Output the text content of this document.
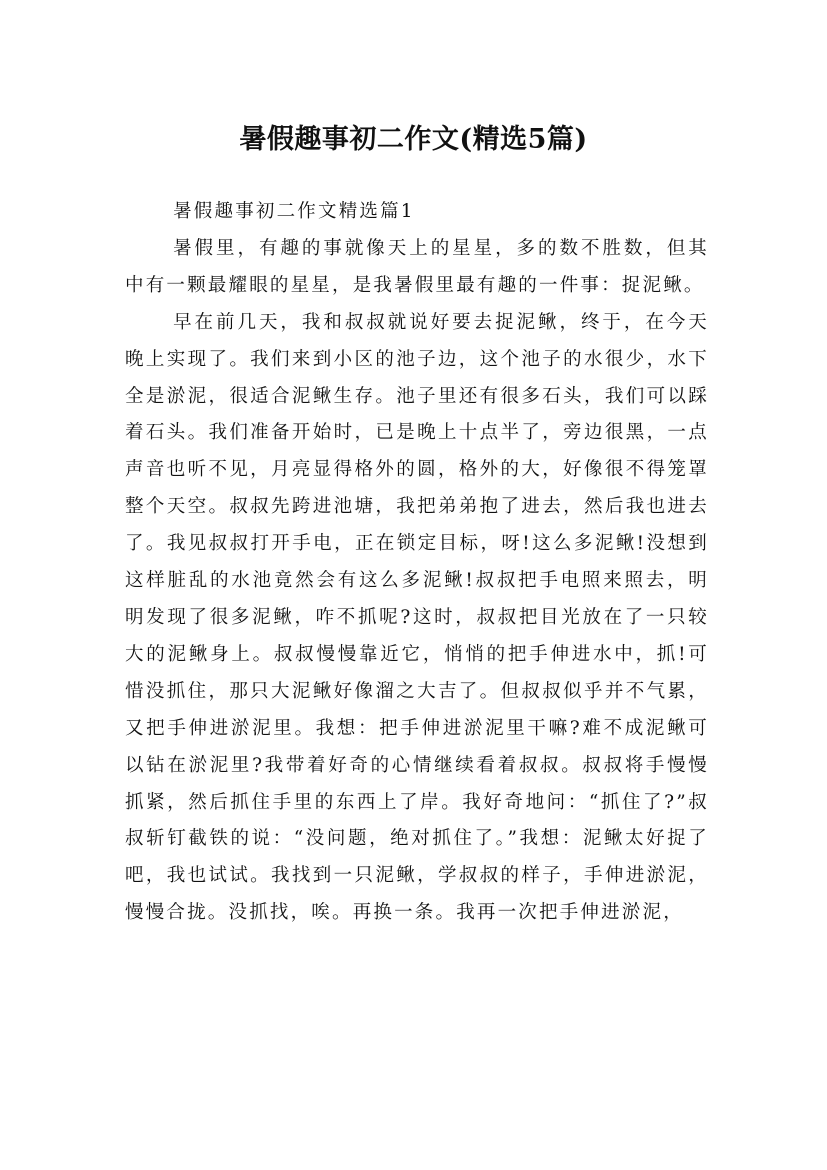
暑假趣事初二作文(精选5篇)

暑假趣事初二作文精选篇1

暑假里，有趣的事就像天上的星星，多的数不胜数，但其中有一颗最耀眼的星星，是我暑假里最有趣的一件事：捉泥鳅。

早在前几天，我和叔叔就说好要去捉泥鳅，终于，在今天晚上实现了。我们来到小区的池子边，这个池子的水很少，水下全是淤泥，很适合泥鳅生存。池子里还有很多石头，我们可以踩着石头。我们准备开始时，已是晚上十点半了，旁边很黑，一点声音也听不见，月亮显得格外的圆，格外的大，好像很不得笼罩整个天空。叔叔先跨进池塘，我把弟弟抱了进去，然后我也进去了。我见叔叔打开手电，正在锁定目标，呀!这么多泥鳅!没想到这样脏乱的水池竟然会有这么多泥鳅!叔叔把手电照来照去，明明发现了很多泥鳅，咋不抓呢?这时，叔叔把目光放在了一只较大的泥鳅身上。叔叔慢慢靠近它，悄悄的把手伸进水中，抓!可惜没抓住，那只大泥鳅好像溜之大吉了。但叔叔似乎并不气累，又把手伸进淤泥里。我想：把手伸进淤泥里干嘛?难不成泥鳅可以钻在淤泥里?我带着好奇的心情继续看着叔叔。叔叔将手慢慢抓紧，然后抓住手里的东西上了岸。我好奇地问：“抓住了?”叔叔斩钉截铁的说：“没问题，绝对抓住了。”我想：泥鳅太好捉了吧，我也试试。我找到一只泥鳅，学叔叔的样子，手伸进淤泥，慢慢合拢。没抓找，唉。再换一条。我再一次把手伸进淤泥，
